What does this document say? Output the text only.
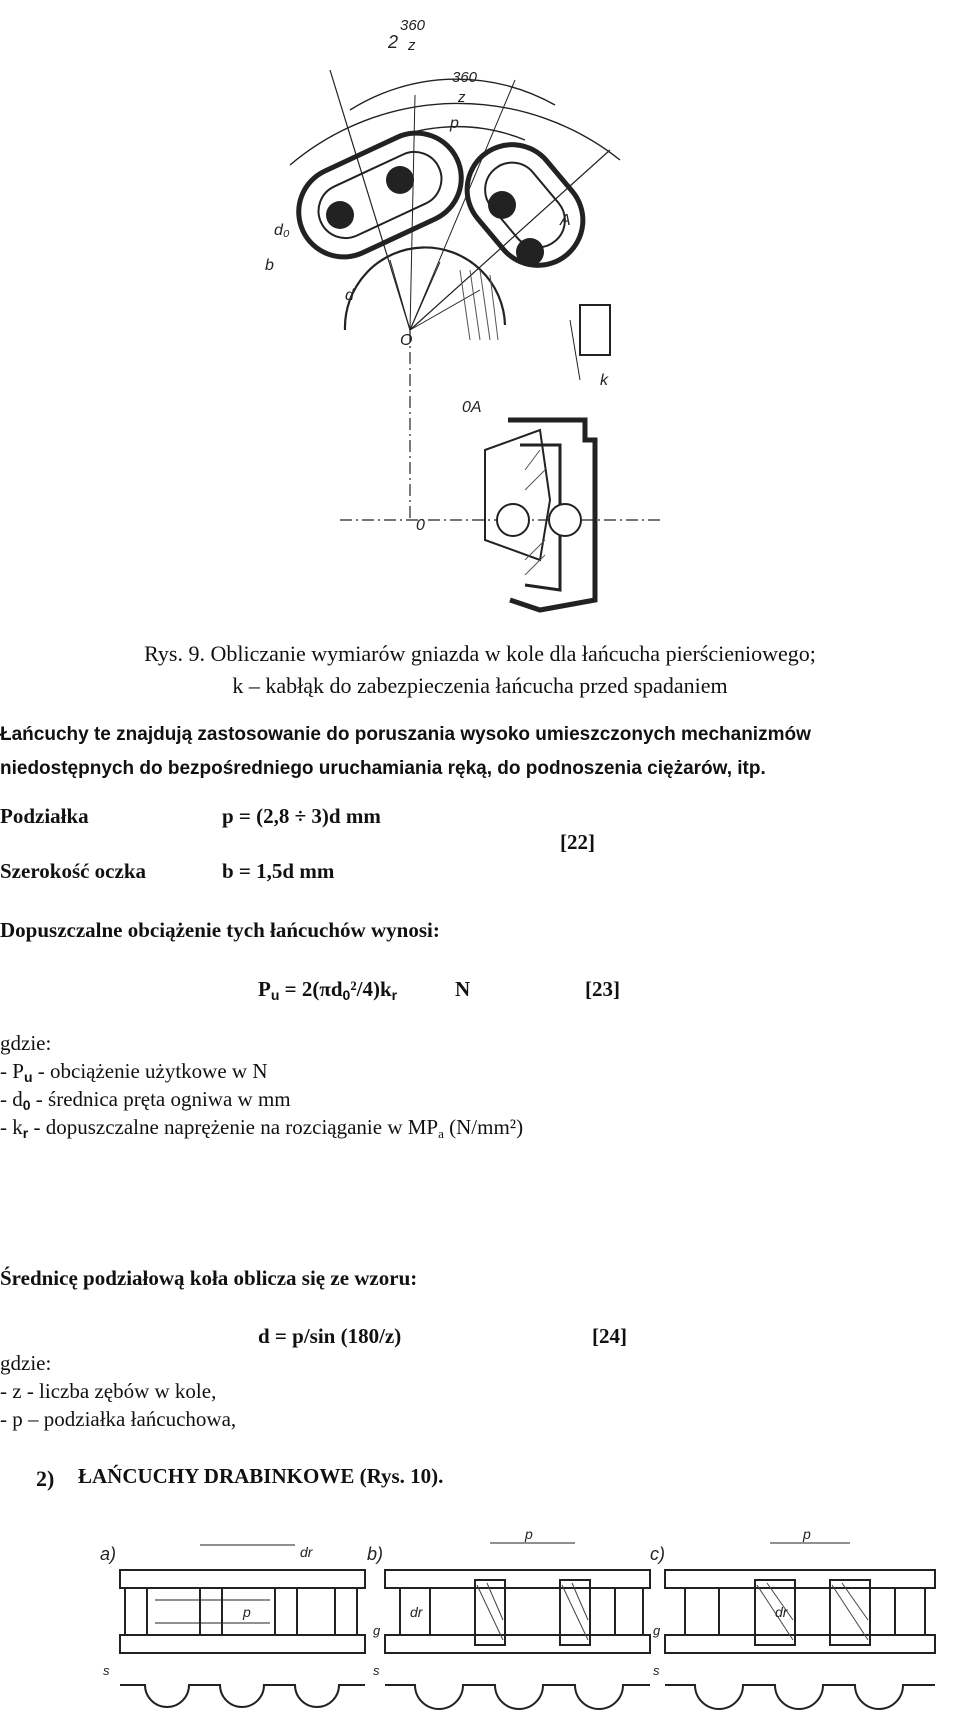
2
360
z
360
z
p
A
d₀
b
d
O
k
0A
0
Rys. 9. Obliczanie wymiarów gniazda w kole dla łańcucha pierścieniowego;
k – kabłąk do zabezpieczenia łańcucha przed spadaniem
Łańcuchy te znajdują zastosowanie do poruszania wysoko umieszczonych mechanizmów
niedostępnych do bezpośredniego uruchamiania ręką, do podnoszenia ciężarów, itp.
Podziałka	p = (2,8 ÷ 3)d mm
[22]
Szerokość oczka	b = 1,5d mm
Dopuszczalne obciążenie tych łańcuchów wynosi:
$P_u = 2(\pi d_0^2/4)k_r$	N	[23]
gdzie:
- $P_u$ - obciążenie użytkowe w N
- $d_0$ - średnica pręta ogniwa w mm
- $k_r$ - dopuszczalne naprężenie na rozciąganie w MPa (N/mm²)
Średnicę podziałową koła oblicza się ze wzoru:
d = p/sin (180/z)	[24]
gdzie:
- z - liczba zębów w kole,
- p – podziałka łańcuchowa,
2) ŁAŃCUCHY DRABINKOWE (Rys. 10).
a)	b)	c)
p
dr
p
dr
p
dr
s
g
s
g
s
